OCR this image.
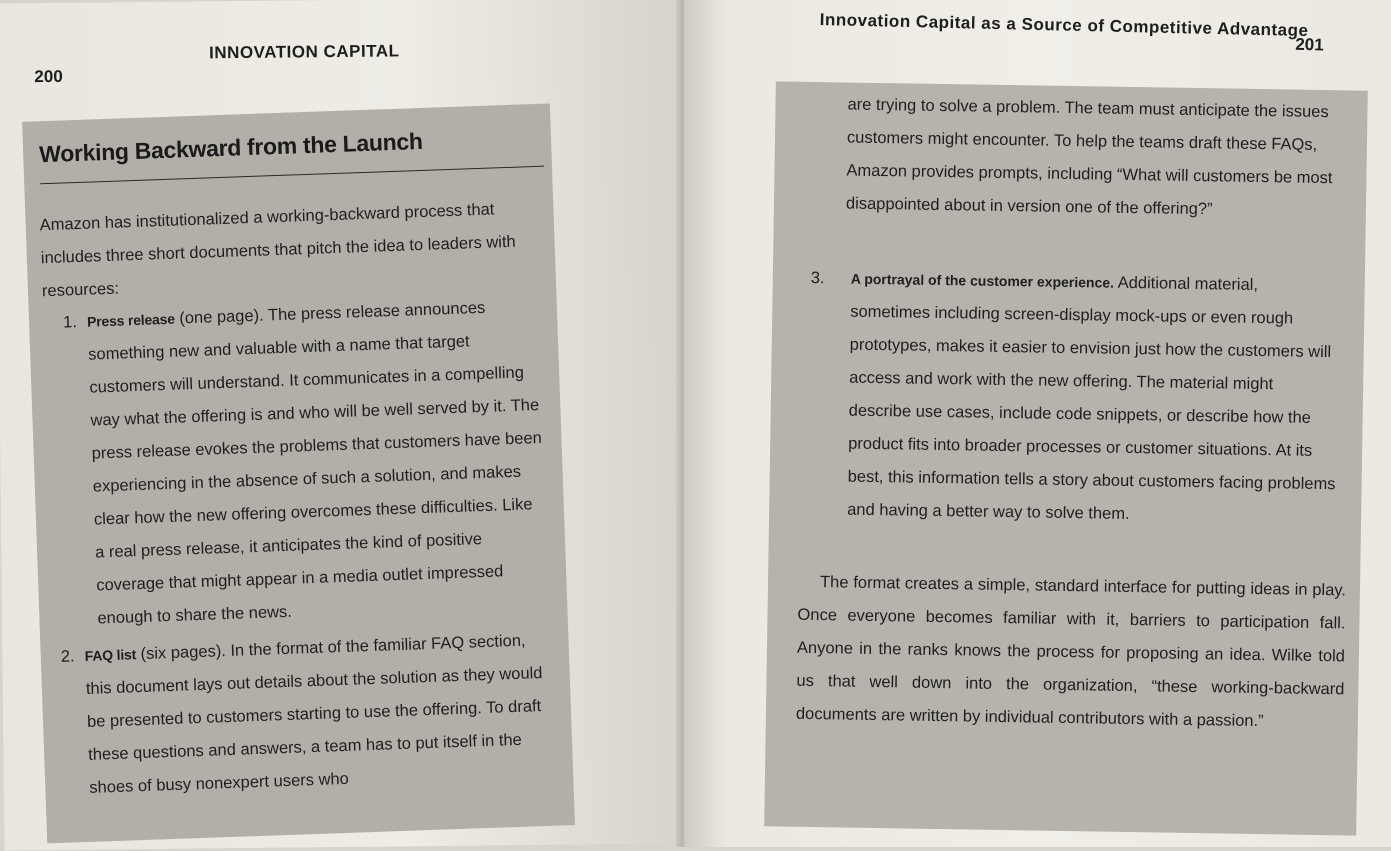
200
INNOVATION CAPITAL
Working Backward from the Launch

Amazon has institutionalized a working-backward process that includes three short documents that pitch the idea to leaders with resources:

1. Press release (one page). The press release announces something new and valuable with a name that target customers will understand. It communicates in a compelling way what the offering is and who will be well served by it. The press release evokes the problems that customers have been experiencing in the absence of such a solution, and makes clear how the new offering overcomes these difficulties. Like a real press release, it anticipates the kind of positive coverage that might appear in a media outlet impressed enough to share the news.
2. FAQ list (six pages). In the format of the familiar FAQ section, this document lays out details about the solution as they would be presented to customers starting to use the offering. To draft these questions and answers, a team has to put itself in the shoes of busy nonexpert users who
Innovation Capital as a Source of Competitive Advantage
201

are trying to solve a problem. The team must anticipate the issues customers might encounter. To help the teams draft these FAQs, Amazon provides prompts, including “What will customers be most disappointed about in version one of the offering?”

3. A portrayal of the customer experience. Additional material, sometimes including screen-display mock-ups or even rough prototypes, makes it easier to envision just how the customers will access and work with the new offering. The material might describe use cases, include code snippets, or describe how the product fits into broader processes or customer situations. At its best, this information tells a story about customers facing problems and having a better way to solve them.

The format creates a simple, standard interface for putting ideas in play. Once everyone becomes familiar with it, barriers to participation fall. Anyone in the ranks knows the process for proposing an idea. Wilke told us that well down into the organization, “these working-backward documents are written by individual contributors with a passion.”
